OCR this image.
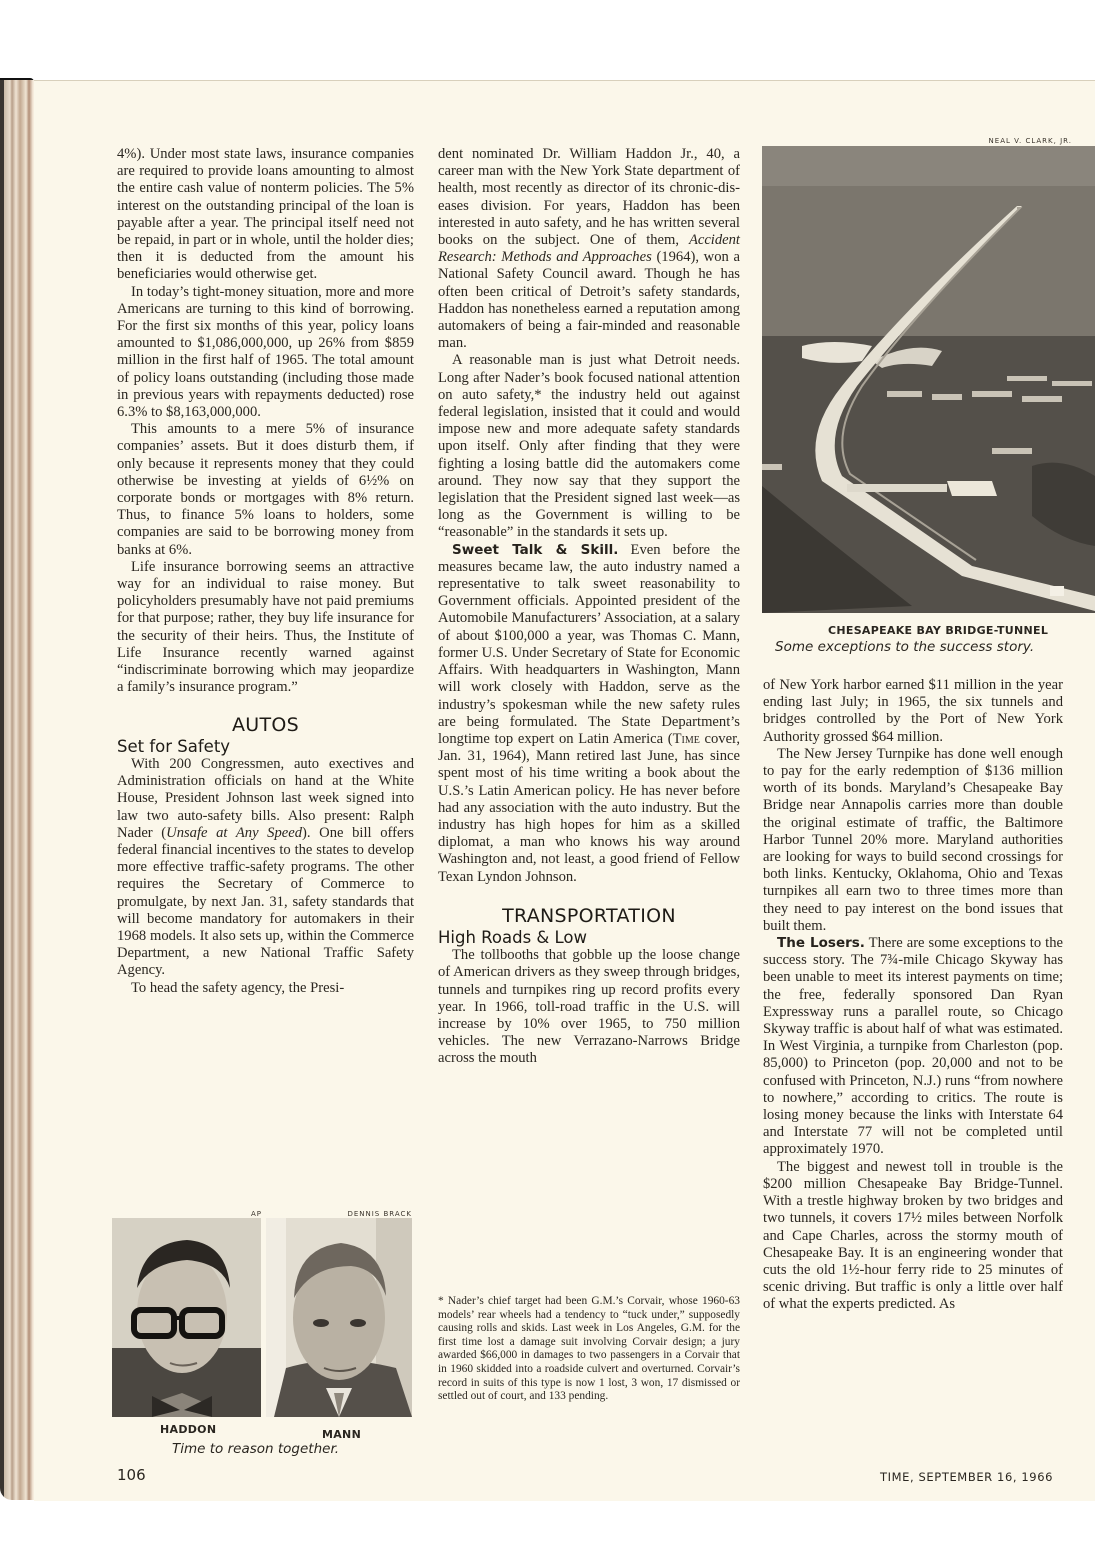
4%). Under most state laws, insurance companies are required to provide loans amounting to almost the entire cash value of nonterm policies. The 5% interest on the outstanding principal of the loan is payable after a year. The principal itself need not be repaid, in part or in whole, until the holder dies; then it is deducted from the amount his beneficiaries would otherwise get.

In today’s tight-money situation, more and more Americans are turning to this kind of borrowing. For the first six months of this year, policy loans amounted to $1,086,000,000, up 26% from $859 million in the first half of 1965. The total amount of policy loans outstanding (including those made in previous years with repayments deducted) rose 6.3% to $8,163,000,000.

This amounts to a mere 5% of insurance companies’ assets. But it does disturb them, if only because it represents money that they could otherwise be investing at yields of 6½% on corporate bonds or mortgages with 8% return. Thus, to finance 5% loans to holders, some companies are said to be borrowing money from banks at 6%.

Life insurance borrowing seems an attractive way for an individual to raise money. But policyholders presumably have not paid premiums for that purpose; rather, they buy life insurance for the security of their heirs. Thus, the Institute of Life Insurance recently warned against “indiscriminate borrowing which may jeopardize a family’s insurance program.”

AUTOS
Set for Safety

With 200 Congressmen, auto exectives and Administration officials on hand at the White House, President Johnson last week signed into law two auto-safety bills. Also present: Ralph Nader (Unsafe at Any Speed). One bill offers federal financial incentives to the states to develop more effective traffic-safety programs. The other requires the Secretary of Commerce to promulgate, by next Jan. 31, safety standards that will become mandatory for automakers in their 1968 models. It also sets up, within the Commerce Department, a new National Traffic Safety Agency.

To head the safety agency, the Presi-

AP	DENNIS BRACK
HADDON	MANN
Time to reason together.

dent nominated Dr. William Haddon Jr., 40, a career man with the New York State department of health, most recently as director of its chronic-diseases division. For years, Haddon has been interested in auto safety, and he has written several books on the subject. One of them, Accident Research: Methods and Approaches (1964), won a National Safety Council award. Though he has often been critical of Detroit’s safety standards, Haddon has nonetheless earned a reputation among automakers of being a fair-minded and reasonable man.

A reasonable man is just what Detroit needs. Long after Nader’s book focused national attention on auto safety,* the industry held out against federal legislation, insisted that it could and would impose new and more adequate safety standards upon itself. Only after finding that they were fighting a losing battle did the automakers come around. They now say that they support the legislation that the President signed last week—as long as the Government is willing to be “reasonable” in the standards it sets up.

Sweet Talk & Skill. Even before the measures became law, the auto industry named a representative to talk sweet reasonability to Government officials. Appointed president of the Automobile Manufacturers’ Association, at a salary of about $100,000 a year, was Thomas C. Mann, former U.S. Under Secretary of State for Economic Affairs. With headquarters in Washington, Mann will work closely with Haddon, serve as the industry’s spokesman while the new safety rules are being formulated. The State Department’s longtime top expert on Latin America (Time cover, Jan. 31, 1964), Mann retired last June, has since spent most of his time writing a book about the U.S.’s Latin American policy. He has never before had any association with the auto industry. But the industry has high hopes for him as a skilled diplomat, a man who knows his way around Washington and, not least, a good friend of Fellow Texan Lyndon Johnson.

TRANSPORTATION
High Roads & Low

The tollbooths that gobble up the loose change of American drivers as they sweep through bridges, tunnels and turnpikes ring up record profits every year. In 1966, toll-road traffic in the U.S. will increase by 10% over 1965, to 750 million vehicles. The new Verrazano-Narrows Bridge across the mouth

* Nader’s chief target had been G.M.’s Corvair, whose 1960-63 models’ rear wheels had a tendency to “tuck under,” supposedly causing rolls and skids. Last week in Los Angeles, G.M. for the first time lost a damage suit involving Corvair design; a jury awarded $66,000 in damages to two passengers in a Corvair that in 1960 skidded into a roadside culvert and overturned. Corvair’s record in suits of this type is now 1 lost, 3 won, 17 dismissed or settled out of court, and 133 pending.
NEAL V. CLARK, JR.
CHESAPEAKE BAY BRIDGE-TUNNEL
Some exceptions to the success story.

of New York harbor earned $11 million in the year ending last July; in 1965, the six tunnels and bridges controlled by the Port of New York Authority grossed $64 million.

The New Jersey Turnpike has done well enough to pay for the early redemption of $136 million worth of its bonds. Maryland’s Chesapeake Bay Bridge near Annapolis carries more than double the original estimate of traffic, the Baltimore Harbor Tunnel 20% more. Maryland authorities are looking for ways to build second crossings for both links. Kentucky, Oklahoma, Ohio and Texas turnpikes all earn two to three times more than they need to pay interest on the bond issues that built them.

The Losers. There are some exceptions to the success story. The 7¾-mile Chicago Skyway has been unable to meet its interest payments on time; the free, federally sponsored Dan Ryan Expressway runs a parallel route, so Chicago Skyway traffic is about half of what was estimated. In West Virginia, a turnpike from Charleston (pop. 85,000) to Princeton (pop. 20,000 and not to be confused with Princeton, N.J.) runs “from nowhere to nowhere,” according to critics. The route is losing money because the links with Interstate 64 and Interstate 77 will not be completed until approximately 1970.

The biggest and newest toll in trouble is the $200 million Chesapeake Bay Bridge-Tunnel. With a trestle highway broken by two bridges and two tunnels, it covers 17½ miles between Norfolk and Cape Charles, across the stormy mouth of Chesapeake Bay. It is an engineering wonder that cuts the old 1½-hour ferry ride to 25 minutes of scenic driving. But traffic is only a little over half of what the experts predicted. As

106	TIME, SEPTEMBER 16, 1966
